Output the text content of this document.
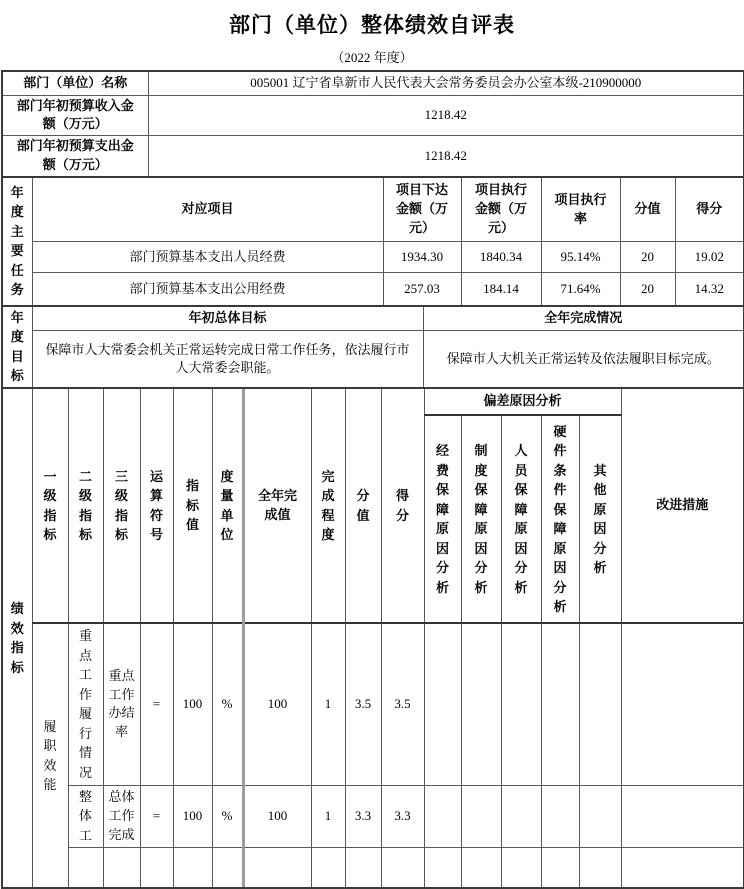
部门（单位）整体绩效自评表
（2022 年度）
部门（单位）名称	005001 辽宁省阜新市人民代表大会常务委员会办公室本级-210900000
部门年初预算收入金额（万元）	1218.42
部门年初预算支出金额（万元）	1218.42
年度主要任务	对应项目	项目下达金额（万元）	项目执行金额（万元）	项目执行率	分值	得分
	部门预算基本支出人员经费	1934.30	1840.34	95.14%	20	19.02
	部门预算基本支出公用经费	257.03	184.14	71.64%	20	14.32
年度目标	年初总体目标	全年完成情况
	保障市人大常委会机关正常运转完成日常工作任务，依法履行市人大常委会职能。	保障市人大机关正常运转及依法履职目标完成。
绩效指标	一级指标	二级指标	三级指标	运算符号	指标值	度量单位	全年完成值	完成程度	分值	得分	偏差原因分析					改进措施
											经费保障原因分析	制度保障原因分析	人员保障原因分析	硬件条件保障原因分析	其他原因分析	
	履职效能	重点工作履行情况	重点工作办结率	=	100	%	100	1	3.5	3.5						
		整体工	总体工作完成	=	100	%	100	1	3.3	3.3						
